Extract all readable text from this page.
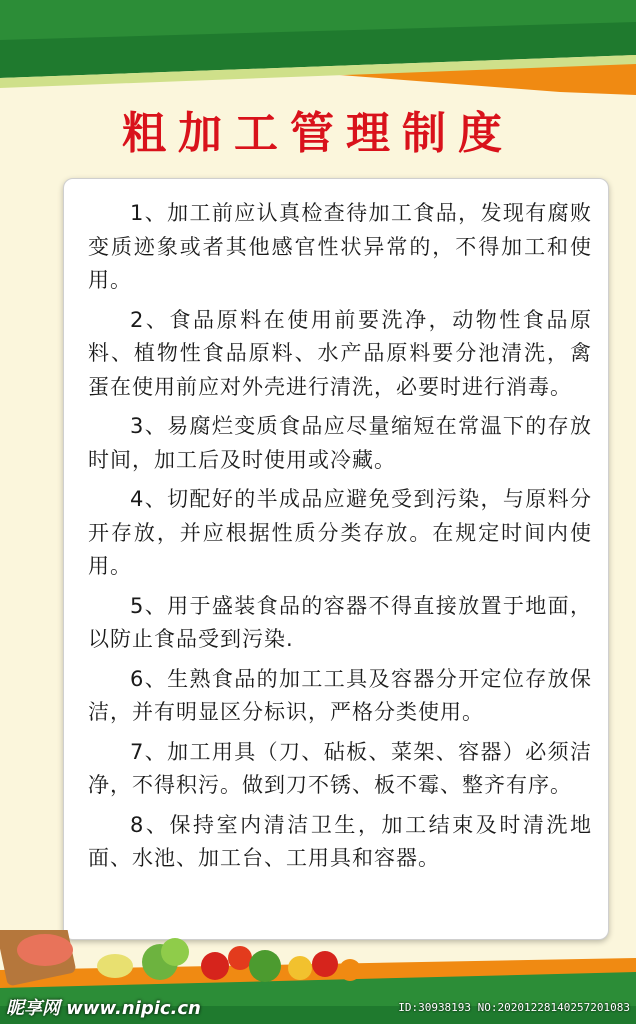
粗加工管理制度

1、加工前应认真检查待加工食品，发现有腐败变质迹象或者其他感官性状异常的，不得加工和使用。

2、食品原料在使用前要洗净，动物性食品原料、植物性食品原料、水产品原料要分池清洗，禽蛋在使用前应对外壳进行清洗，必要时进行消毒。

3、易腐烂变质食品应尽量缩短在常温下的存放时间，加工后及时使用或冷藏。

4、切配好的半成品应避免受到污染，与原料分开存放，并应根据性质分类存放。在规定时间内使用。

5、用于盛装食品的容器不得直接放置于地面，以防止食品受到污染.

6、生熟食品的加工工具及容器分开定位存放保洁，并有明显区分标识，严格分类使用。

7、加工用具（刀、砧板、菜架、容器）必须洁净，不得积污。做到刀不锈、板不霉、整齐有序。

8、保持室内清洁卫生，加工结束及时清洗地面、水池、加工台、工用具和容器。

昵享网 www.nipic.cn	ID:30938193 NO:20201228140257201083
